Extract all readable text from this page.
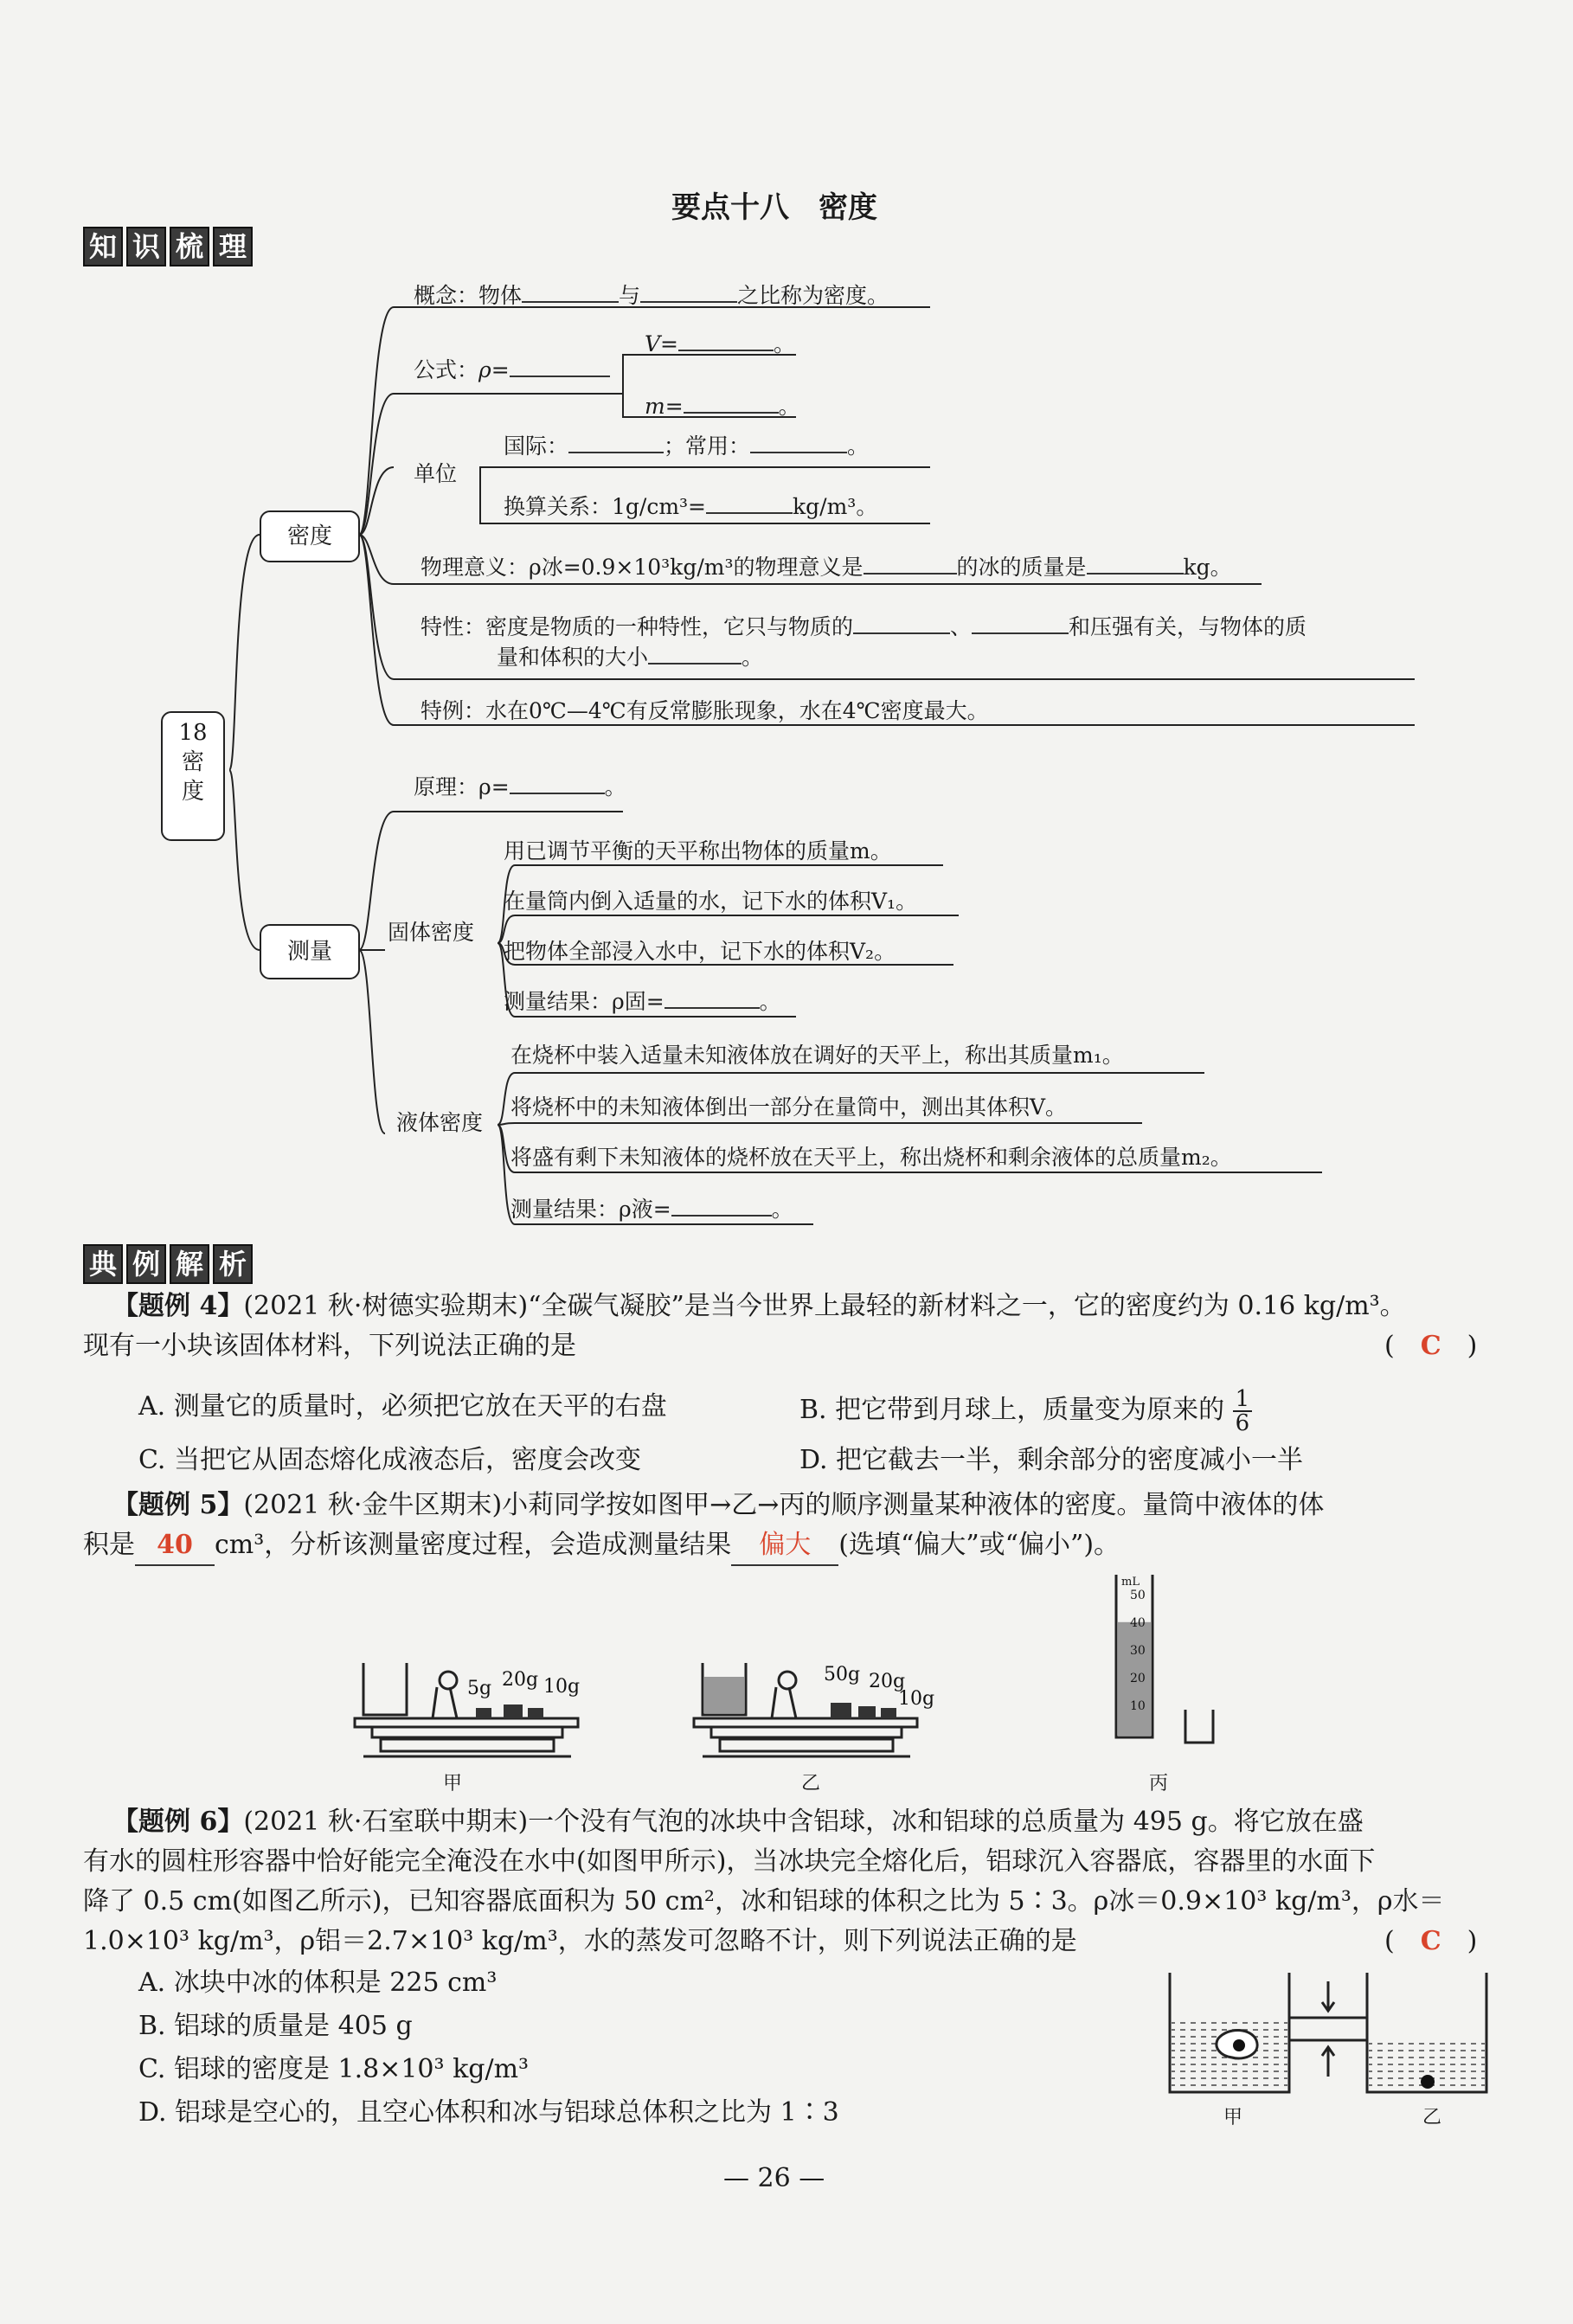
要点十八　密度
知 识 梳 理
18
密
度
密度
测量
概念：物体	与	之比称为密度。
公式：ρ=
V=	。
m=	。
单位
国际：	；常用：	。
换算关系：1g/cm³=	kg/m³。
物理意义：ρ冰=0.9×10³kg/m³的物理意义是	的冰的质量是	kg。
特性：密度是物质的一种特性，它只与物质的	、	和压强有关，与物体的质
量和体积的大小	。
特例：水在0℃—4℃有反常膨胀现象，水在4℃密度最大。
原理：ρ=	。
固体密度
用已调节平衡的天平称出物体的质量m。
在量筒内倒入适量的水，记下水的体积V₁。
把物体全部浸入水中，记下水的体积V₂。
测量结果：ρ固=	。
液体密度
在烧杯中装入适量未知液体放在调好的天平上，称出其质量m₁。
将烧杯中的未知液体倒出一部分在量筒中，测出其体积V。
将盛有剩下未知液体的烧杯放在天平上，称出烧杯和剩余液体的总质量m₂。
测量结果：ρ液=	。
典 例 解 析
【题例 4】(2021 秋·树德实验期末)“全碳气凝胶”是当今世界上最轻的新材料之一，它的密度约为 0.16 kg/m³。
现有一小块该固体材料，下列说法正确的是	(　C　)
A. 测量它的质量时，必须把它放在天平的右盘	B. 把它带到月球上，质量变为原来的 $\frac{1}{6}$
C. 当把它从固态熔化成液态后，密度会改变	D. 把它截去一半，剩余部分的密度减小一半
【题例 5】(2021 秋·金牛区期末)小莉同学按如图甲→乙→丙的顺序测量某种液体的密度。量筒中液体的体
积是 40 cm³，分析该测量密度过程，会造成测量结果 偏大 (选填“偏大”或“偏小”)。
5g 20g 10g
甲
50g 20g
10g
乙
mL
50
40
30
20
10
丙
【题例 6】(2021 秋·石室联中期末)一个没有气泡的冰块中含铝球，冰和铝球的总质量为 495 g。将它放在盛
有水的圆柱形容器中恰好能完全淹没在水中(如图甲所示)，当冰块完全熔化后，铝球沉入容器底，容器里的水面下
降了 0.5 cm(如图乙所示)，已知容器底面积为 50 cm²，冰和铝球的体积之比为 5∶3。ρ冰＝0.9×10³ kg/m³，ρ水＝
1.0×10³ kg/m³，ρ铝＝2.7×10³ kg/m³，水的蒸发可忽略不计，则下列说法正确的是	(　C　)
A. 冰块中冰的体积是 225 cm³
B. 铝球的质量是 405 g
C. 铝球的密度是 1.8×10³ kg/m³
D. 铝球是空心的，且空心体积和冰与铝球总体积之比为 1∶3	甲	乙
— 26 —
